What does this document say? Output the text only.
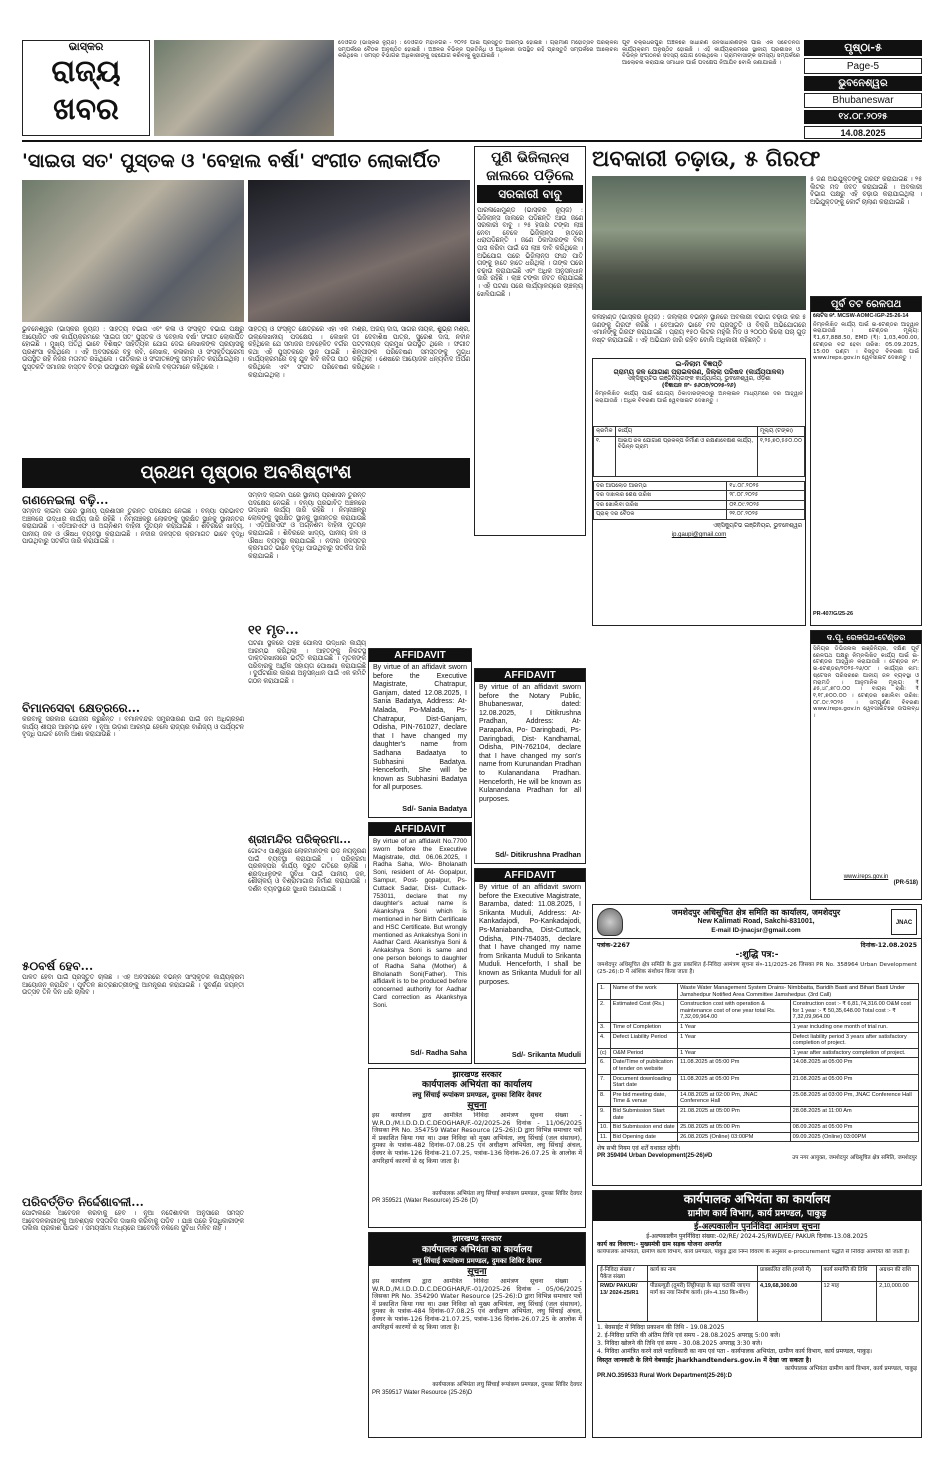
ଭାସ୍କର
ରାଜ୍ୟ
ଖବର
ଦେଓଗଡ (ଭାସ୍କର ନ୍ୟୁଜ) : ଦେଓଗଡ ମହାନଗର - ୨୦୨୫ ପାଇଁ ପ୍ରସ୍ତୁତି ଆରମ୍ଭ ହୋଇଛି । ଗ୍ରାମୀଣ ମହୋତ୍ସବ ପରିଚାଳନା ସମ୍ପର୍କରେ ବୈଠକ ଅନୁଷ୍ଠିତ ହୋଇଛି । ଅଞ୍ଚଳର ବିଭିନ୍ନ ପ୍ରତିନିଧି ଓ ଅଧିକାରୀ ଉପସ୍ଥିତ ରହି ପ୍ରସ୍ତୁତି ସମ୍ପର୍କରେ ଆଲୋଚନା କରିଥିଲେ । ସମସ୍ତ ବିଭାଗର ଅଧିକାରୀଙ୍କୁ ସହଯୋଗ କରିବାକୁ କୁହାଯାଇଛି ।
ପୂର୍ବ ଚକ୍ରଧରପୁର ଅଞ୍ଚଳରେ ସାଧାରଣ ଜନସାଧାରଣଙ୍କ ପାଇଁ ଏକ ସଚେତନତା କାର୍ଯ୍ୟକ୍ରମ ଅନୁଷ୍ଠିତ ହୋଇଛି । ଏହି କାର୍ଯ୍ୟକ୍ରମରେ ସ୍ଥାନୀୟ ପ୍ରଶାସନ ଓ ବିଭିନ୍ନ ସଂଗଠନର ସଦସ୍ୟ ଯୋଗ ଦେଇଥିଲେ । ଗ୍ରାମବାସୀଙ୍କ ସମସ୍ୟା ସମ୍ପର୍କରେ ଆଲୋଚନା କରାଯାଇ ସମାଧାନ ପାଇଁ ପଦକ୍ଷେପ ନିଆଯିବ ବୋଲି ଜଣାଯାଇଛି ।
ପୃଷ୍ଠା-୫
Page-5
ଭୁବନେଶ୍ୱର
Bhubaneswar
୧୪.୦୮.୨୦୨୫
14.08.2025
'ସାଇତା ସତ' ପୁସ୍ତକ ଓ 'ବେହାଲ ବର୍ଷା' ସଂଗୀତ ଲୋକାର୍ପିତ
ଭୁବନେଶ୍ୱର (ଭାସ୍କର ନ୍ୟୁଜ) : ସାହିତ୍ୟ ବିଭାଗ ଏବଂ କଳା ଓ ସଂସ୍କୃତି ବିଭାଗ ପକ୍ଷରୁ ଆୟୋଜିତ ଏକ କାର୍ଯ୍ୟକ୍ରମରେ 'ସାଇତା ସତ' ପୁସ୍ତକ ଓ 'ବେହାଲ ବର୍ଷା' ସଂଗୀତ ଲୋକାର୍ପିତ ହୋଇଛି । ମୁଖ୍ୟ ଅତିଥି ଭାବେ ବିଶିଷ୍ଟ ସାହିତ୍ୟିକ ଯୋଗ ଦେଇ ଲେଖକଙ୍କ ପ୍ରୟାସକୁ ପ୍ରଶଂସା କରିଥିଲେ । ଏହି ଅବସରରେ ବହୁ କବି, ଲେଖକ, କଳାକାର ଓ ସଂସ୍କୃତିପ୍ରେମୀ ଉପସ୍ଥିତ ରହି ନିଜର ମତାମତ ରଖିଥିଲେ । ଗୀତିକାର ଓ ସଂଗୀତଜ୍ଞଙ୍କୁ ସମ୍ମାନିତ କରାଯାଇଥିଲା । ପୁସ୍ତକଟି ସମାଜର ବାସ୍ତବ ଚିତ୍ର ଉପସ୍ଥାପନ କରୁଛି ବୋଲି ବକ୍ତାମାନେ କହିଥିଲେ ।
ସାହିତ୍ୟ ଓ ସଂସ୍କୃତି କ୍ଷେତ୍ରରେ ଏହା ଏକ ଉଲ୍ଲେଖନୀୟ ପଦକ୍ଷେପ । ଲେଖକ କହିଥିଲେ ଯେ ସମାଜର ଅବହେଳିତ ବର୍ଗର କଥା ଏହି ପୁସ୍ତକରେ ସ୍ଥାନ ପାଇଛି । କାର୍ଯ୍ୟକ୍ରମରେ ବହୁ ଯୁବ କବି କବିତା ପାଠ କରିଥିଲେ ଏବଂ ସଂଗୀତ ପରିବେଷଣ କରାଯାଇଥିଲା ।
ମିଶ୍ର, ଅଜୟ ଦାସ, ସାଗର ନାୟକ, ଶୁଭ୍ରା ମିଶ୍ର, ଡଃ ଦେବାଶିଷ ପାତ୍ର, ସୁରେଶ ଦାସ, ନବୀନ ପଟ୍ଟନାୟକ ପ୍ରମୁଖ ଉପସ୍ଥିତ ଥିଲେ । ସଂଗୀତ ଶିଳ୍ପୀଙ୍କ ପରିବେଷଣ ସମସ୍ତଙ୍କୁ ମୁଗ୍ଧ କରିଥିଲା । ଶେଷରେ ଆୟୋଜକ ଧନ୍ୟବାଦ ଅର୍ପଣ କରିଥିଲେ ।
ପୁଣି ଭିଜିଲାନ୍ସ
ଜାଲରେ ପଡ଼ିଲେ
ସରକାରୀ ବାବୁ
ପାରଳାଖେମୁଣ୍ଡି (ଭାସ୍କର ନ୍ୟୁଜ) : ଭିଜିଲାନ୍ସ ଜାଲରେ ପଡ଼ିଛନ୍ତି ଆଉ ଜଣେ ସରକାରୀ ବାବୁ । ୨୫ ହଜାର ଟଙ୍କା ଲାଞ୍ଚ ନେବା ବେଳେ ଭିଜିଲାନ୍ସ ହାତରେ ଧରାପଡ଼ିଛନ୍ତି । ଜଣେ ଠିକାଦାରଙ୍କ ବିଲ ପାସ କରିବା ପାଇଁ ସେ ଲାଞ୍ଚ ଦାବି କରିଥିଲେ । ଅଭିଯୋଗ ପରେ ଭିଜିଲାନ୍ସ ଫାନ୍ଦ ପାତି ତାଙ୍କୁ ହାତେ ହାତେ ଧରିଥିଲା । ତାଙ୍କ ଘରେ ଚଢାଉ କରାଯାଇଛି ଏବଂ ଅଧିକ ଅନୁସନ୍ଧାନ ଜାରି ରହିଛି । ଲାଞ୍ଚ ଟଙ୍କା ଜବତ କରାଯାଇଛି । ଏହି ଘଟଣା ପରେ କାର୍ଯ୍ୟାଳୟରେ ଚାଞ୍ଚଲ୍ୟ ଖେଳିଯାଇଛି ।
ଅବକାରୀ ଚଢ଼ାଉ, ୫ ଗିରଫ
୫ ଜଣ ଅଭିଯୁକ୍ତଙ୍କୁ ଗିରଫ କରାଯାଇଛି । ୨୫ ଲିଟର ମଦ ଜବତ କରାଯାଇଛି । ଅବକାରୀ ବିଭାଗ ପକ୍ଷରୁ ଏହି ଚଢ଼ାଉ କରାଯାଇଥିଲା । ଅଭିଯୁକ୍ତଙ୍କୁ କୋର୍ଟ ଚାଲାଣ କରାଯାଇଛି ।
କଳାହାଣ୍ଡି (ଭାସ୍କର ନ୍ୟୁଜ) : ଜିଲ୍ଲାର ବିଭିନ୍ନ ସ୍ଥାନରେ ଅବକାରୀ ବିଭାଗ ଚଢ଼ାଉ କରି ୫ ଜଣଙ୍କୁ ଗିରଫ କରିଛି । ବେଆଇନ ଭାବେ ମଦ ପ୍ରସ୍ତୁତି ଓ ବିକ୍ରି ଅଭିଯୋଗରେ ଏମାନଙ୍କୁ ଗିରଫ କରାଯାଇଛି । ପ୍ରାୟ ୧୫୦ ଲିଟର ମହୁଲି ମଦ ଓ ୨୦୦୦ କିଲୋ ପଚା ଗୁଡ଼ ନଷ୍ଟ କରାଯାଇଛି । ଏହି ଅଭିଯାନ ଜାରି ରହିବ ବୋଲି ଅଧିକାରୀ କହିଛନ୍ତି ।
ପୂର୍ବ ତଟ ରେଳପଥ
ନୋଟିସ ନଂ. MCSW-AOMC-IGP-25-26-14
ନିମ୍ନଲିଖିତ କାର୍ଯ୍ୟ ପାଇଁ ଇ-ଟେଣ୍ଡର ଆହ୍ୱାନ କରାଯାଉଛି । ଟେଣ୍ଡର ମୂଲ୍ୟ: ₹1,67,888.50, EMD (₹): 1,03,400.00, ଟେଣ୍ଡର ବନ୍ଦ ହେବା ତାରିଖ: 05.09.2025, 15:00 ଘଣ୍ଟା । ବିସ୍ତୃତ ବିବରଣୀ ପାଇଁ www.ireps.gov.in ୱେବସାଇଟ ଦେଖନ୍ତୁ ।
PR-407/G/25-26
ଇ-ନିଲାମ ବିଜ୍ଞପ୍ତି
ଗ୍ରାମ୍ୟ ଜଳ ଯୋଗାଣ ପ୍ରାଇକରଣ, ଜିଲ୍ଲା ପରିଷଦ (କାର୍ଯ୍ୟପାଳକ)
ଏକ୍ସିକ୍ୟୁଟିଭ ଇଞ୍ଜିନିୟରଙ୍କ କାର୍ଯ୍ୟାଳୟ, ଭୁବନେଶ୍ୱର, ଓଡ଼ିଶା
(ବିଜ୍ଞାପନ ନଂ- ୫୬୦୭/୨୦୨୫-୨୬)
ନିମ୍ନଲିଖିତ କାର୍ଯ୍ୟ ପାଇଁ ଯୋଗ୍ୟ ଠିକାଦାରଙ୍କଠାରୁ ଅନଲାଇନ ମାଧ୍ୟମରେ ଦର ଆହ୍ୱାନ କରାଯାଉଛି । ଅଧିକ ବିବରଣୀ ପାଇଁ ୱେବସାଇଟ ଦେଖନ୍ତୁ ।
କ୍ରମିକ	କାର୍ଯ୍ୟ	ମୂଲ୍ୟ (ଟଙ୍କା)
୧.	ପାଇପ ଜଳ ଯୋଗାଣ ପ୍ରକଳ୍ପ ନିର୍ମାଣ ଓ ରକ୍ଷଣାବେକ୍ଷଣ କାର୍ଯ୍ୟ, ବିଭିନ୍ନ ଗ୍ରାମ	୧,୨୫,୭୦,୫୫୦.୦୦
ଦର ଆପଲୋଡ ଆରମ୍ଭ	୧୪.୦୮.୨୦୨୫
ଦର ଦାଖଲର ଶେଷ ତାରିଖ	୨୮.୦୮.୨୦୨୫
ଦର ଖୋଲିବା ତାରିଖ	୦୧.୦୯.୨୦୨୫
ପ୍ରାକ୍ ଦର ବୈଠକ	୨୧.୦୮.୨୦୨୫
ଏକ୍ସିକ୍ୟୁଟିଭ ଇଞ୍ଜିନିୟର, ଭୁବନେଶ୍ୱର
ip.gaupi@gmail.com
ଦ.ପୂ. ରେଳପଥ-ଟେଣ୍ଡର
ସିନିୟର ଡିଭିଜନାଲ ଇଞ୍ଜିନିୟର, ଦକ୍ଷିଣ ପୂର୍ବ ରେଳପଥ ପକ୍ଷରୁ ନିମ୍ନଲିଖିତ କାର୍ଯ୍ୟ ପାଇଁ ଇ-ଟେଣ୍ଡର ଆହ୍ୱାନ କରାଯାଉଛି । ଟେଣ୍ଡର ନଂ: ଇ-ଟେଣ୍ଡର/୨୦୨୫-୨୬/୦୮ । କାର୍ଯ୍ୟର ନାମ: ଷ୍ଟେସନ ପରିସରରେ ପାନୀୟ ଜଳ ବ୍ୟବସ୍ଥା ଓ ମରାମତି । ଆନୁମାନିକ ମୂଲ୍ୟ: ₹ ୬୫,୪୮,୭୮୦.୦୦ । ବାୟନା ରାଶି: ₹ ୧,୧୮,୭୦୦.୦୦ । ଟେଣ୍ଡର ଖୋଲିବା ତାରିଖ: ୦୮.୦୯.୨୦୨୫ । ସମ୍ପୂର୍ଣ୍ଣ ବିବରଣୀ www.ireps.gov.in ୱେବସାଇଟରେ ଉପଲବ୍ଧ ।
www.ireps.gov.in
(PR-518)
ପ୍ରଥମ ପୃଷ୍ଠାର ଅବଶିଷ୍ଟାଂଶ
ଗଣନେଇଲା ବଢ଼ି...
ସମ୍ବାଦ ଲାଇବା ପରେ ସ୍ଥାନୀୟ ପ୍ରଶାସନ ତୁରନ୍ତ ପଦକ୍ଷେପ ନେଇଛି । ବନ୍ୟା ପ୍ରଭାବିତ ଅଞ୍ଚଳରେ ଉଦ୍ଧାର କାର୍ଯ୍ୟ ଜାରି ରହିଛି । ନିମ୍ନାଞ୍ଚଳରୁ ଲୋକଙ୍କୁ ସୁରକ୍ଷିତ ସ୍ଥାନକୁ ସ୍ଥାନାନ୍ତର କରାଯାଉଛି । ଏଡ଼ିଆରଏଫ ଓ ଅଗ୍ନିଶମ ବାହିନୀ ମୁତୟନ କରାଯାଇଛି । ଶିବିରରେ ଖାଦ୍ୟ, ପାନୀୟ ଜଳ ଓ ଔଷଧ ବ୍ୟବସ୍ଥା କରାଯାଇଛି । ନଦୀର ଜଳସ୍ତର କ୍ରମାଗତ ଭାବେ ବୃଦ୍ଧି ପାଉଥିବାରୁ ସତର୍କତା ଜାରି କରାଯାଇଛି ।
ବିମାନସେବା କ୍ଷେତ୍ରରେ...
କରିବାକୁ ସରକାର ଯୋଜନା କରୁଛନ୍ତି । ବିମାନବନ୍ଦର ସମ୍ପ୍ରସାରଣ ପାଇଁ ଜମି ଅଧିଗ୍ରହଣ କାର୍ଯ୍ୟ ଶୀଘ୍ର ଆରମ୍ଭ ହେବ । ନୂଆ ଉଡ଼ାଣ ଆରମ୍ଭ ହେଲେ ରାଜ୍ୟର ବାଣିଜ୍ୟ ଓ ପର୍ଯ୍ୟଟନ ବୃଦ୍ଧି ପାଇବ ବୋଲି ଆଶା କରାଯାଉଛି ।
୫୦ବର୍ଷ ହେବ...
ପାଳିତ ହେବା ପାଇଁ ପ୍ରସ୍ତୁତି ଚାଲିଛି । ଏହି ଅବସରରେ ବିଭିନ୍ନ ସାଂସ୍କୃତିକ କାର୍ଯ୍ୟକ୍ରମ ଆୟୋଜନ କରାଯିବ । ପୂର୍ବତନ ଛାତ୍ରଛାତ୍ରୀଙ୍କୁ ଆମନ୍ତ୍ରଣ କରାଯାଇଛି । ସୁବର୍ଣ୍ଣ ଜୟନ୍ତୀ ଉତ୍ସବ ତିନି ଦିନ ଧରି ଚାଲିବ ।
ପରିବର୍ତ୍ତିତ ନିର୍ଦ୍ଦେଶାବଳୀ...
ପୋର୍ଟାଲରେ ଆବେଦନ କରିବାକୁ ହେବ । ନୂଆ ନିର୍ଦ୍ଦେଶାବଳୀ ଅନୁସାରେ ସମସ୍ତ ଆବେଦନକାରୀଙ୍କୁ ଆବଶ୍ୟକ ଦସ୍ତାବିଜ ଦାଖଲ କରିବାକୁ ପଡ଼ିବ । ଯାଞ୍ଚ ପରେ ହିତାଧିକାରୀଙ୍କ ତାଲିକା ପ୍ରକାଶ ପାଇବ । ସମୟସୀମା ମଧ୍ୟରେ ଆବେଦନ ନକଲେ ସୁବିଧା ମିଳିବ ନାହିଁ ।
ସମ୍ବାଦ ଲାଇବା ପରେ ସ୍ଥାନୀୟ ପ୍ରଶାସନ ତୁରନ୍ତ ପଦକ୍ଷେପ ନେଇଛି । ବନ୍ୟା ପ୍ରଭାବିତ ଅଞ୍ଚଳରେ ଉଦ୍ଧାର କାର୍ଯ୍ୟ ଜାରି ରହିଛି । ନିମ୍ନାଞ୍ଚଳରୁ ଲୋକଙ୍କୁ ସୁରକ୍ଷିତ ସ୍ଥାନକୁ ସ୍ଥାନାନ୍ତର କରାଯାଉଛି । ଏଡ଼ିଆରଏଫ ଓ ଅଗ୍ନିଶମ ବାହିନୀ ମୁତୟନ କରାଯାଇଛି । ଶିବିରରେ ଖାଦ୍ୟ, ପାନୀୟ ଜଳ ଓ ଔଷଧ ବ୍ୟବସ୍ଥା କରାଯାଇଛି । ନଦୀର ଜଳସ୍ତର କ୍ରମାଗତ ଭାବେ ବୃଦ୍ଧି ପାଉଥିବାରୁ ସତର୍କତା ଜାରି କରାଯାଇଛି ।
୧୧ ମୃତ...
ଘଟଣା ସ୍ଥଳରେ ପହଞ୍ଚି ପୋଲିସ ଉଦ୍ଧାର କାର୍ଯ୍ୟ ଆରମ୍ଭ କରିଥିଲା । ଆହତଙ୍କୁ ନିକଟସ୍ଥ ଡାକ୍ତରଖାନାରେ ଭର୍ତ୍ତି କରାଯାଇଛି । ମୃତକଙ୍କ ପରିବାରକୁ ଆର୍ଥିକ ସହାୟତା ଘୋଷଣା କରାଯାଇଛି । ଦୁର୍ଘଟଣାର କାରଣ ଅନୁସନ୍ଧାନ ପାଇଁ ଏକ କମିଟି ଗଠନ କରାଯାଇଛି ।
ଶ୍ରୀମନ୍ଦିର ପରିକ୍ରମା...
ଗୋଟିଏ ପାର୍ଶ୍ୱରେ ଲୋକମାନଙ୍କ ଭିଡ଼ ନିୟନ୍ତ୍ରଣ ପାଇଁ ବ୍ୟବସ୍ଥା କରାଯାଇଛି । ପରିକ୍ରମା ପ୍ରକଳ୍ପର କାର୍ଯ୍ୟ ଦ୍ରୁତ ଗତିରେ ଚାଲିଛି । ଶ୍ରଦ୍ଧାଳୁଙ୍କ ସୁବିଧା ପାଇଁ ପାନୀୟ ଜଳ, ଶୌଚାଳୟ ଓ ବିଶ୍ରାମାଗାର ନିର୍ମାଣ କରାଯାଉଛି । ଦର୍ଶନ ବ୍ୟବସ୍ଥାରେ ସୁଧାର ଅଣାଯାଇଛି ।
AFFIDAVIT
By virtue of an affidavit sworn before the Executive Magistrate, Chatrapur, Ganjam, dated 12.08.2025, I Sania Badatya, Address: At-Malada, Po-Malada, Ps-Chatrapur, Dist-Ganjam, Odisha, PIN-761027, declare that I have changed my daughter's name from Sadhana Badaatya to Subhasini Badatya. Henceforth, She will be known as Subhasini Badatya for all purposes.
Sd/- Sania Badatya
AFFIDAVIT
By virtue of an affidavit No.7700 sworn before the Executive Magistrate, dtd. 06.06.2025, I Radha Saha, W/o- Bholanath Soni, resident of At- Gopalpur, Sampur, Post- gopalpur, Ps-Cuttack Sadar, Dist- Cuttack-753011, declare that my daughter's actual name is Akankshya Soni which is mentioned in her Birth Certificate and HSC Certificate. But wrongly mentioned as Ankakshya Soni in Aadhar Card. Akankshya Soni & Ankakshya Soni is same and one person belongs to daughter of Radha Saha (Mother) & Bholanath Soni(Father). This affidavit is to be produced before concerned authority for Aadhar Card correction as Akankshya Soni.
Sd/- Radha Saha
AFFIDAVIT
By virtue of an affidavit sworn before the Notary Public, Bhubaneswar, dated: 12.08.2025, I Ditikrushna Pradhan, Address: At- Paraparka, Po- Daringbadi, Ps- Daringbadi, Dist- Kandhamal, Odisha, PIN-762104, declare that I have changed my son's name from Kurunandan Pradhan to Kulanandana Pradhan. Henceforth, He will be known as Kulanandana Pradhan for all purposes.
Sd/- Ditikrushna Pradhan
AFFIDAVIT
By virtue of an affidavit sworn before the Executive Magistrate, Baramba, dated: 11.08.2025, I Srikanta Muduli, Address: At-Kankadajodi, Po-Kankadajodi, Ps-Maniabandha, Dist-Cuttack, Odisha, PIN-754035, declare that I have changed my name from Srikanta Muduli to Srikanta Muduli. Henceforth, I shall be known as Srikanta Muduli for all purposes.
Sd/- Srikanta Muduli
जमशेदपुर अधिसूचित क्षेत्र समिति का कार्यालय, जमशेदपुर
New Kalimati Road, Sakchi-831001,
E-mail ID-jnacjsr@gmail.com
JNAC
पत्रांक-2267	दिनांक-12.08.2025
-:शुद्धि पत्र:-
जमशेदपुर अधिसूचित क्षेत्र समिति के द्वारा प्रकाशित ई-निविदा आमंत्रण सूचना सं०-11/2025-26 जिसका PR No. 358964 Urban Development (25-26):D में आंशिक संशोधन किया जाता है।
1.	Name of the work	Waste Water Management System Drains- Nimbbatta, Baridih Basti and Bihari Basti Under Jamshedpur Notified Area Committee Jamshedpur. (3rd Call)	
2.	Estimated Cost (Rs.)	Construction cost with operation & maintenance cost of one year total Rs. 7,32,09,964.00	Construction cost :- ₹ 6,81,74,316.00 O&M cost for 1 year :- ₹ 50,35,648.00 Total cost :- ₹ 7,32,09,964.00
3.	Time of Completion	1 Year	1 year including one month of trial run.
4.	Defect Liability Period	1 Year	Defect liability period 3 years after satisfactory completion of project.
(c)	O&M Period	1 Year	1 year after satisfactory completion of project.
6.	Date/Time of publication of tender on website	11.08.2025 at 05:00 Pm	14.08.2025 at 05:00 Pm
7.	Document downloading Start date	11.08.2025 at 05:00 Pm	21.08.2025 at 05:00 Pm
8.	Pre bid meeting date, Time & venue	14.08.2025 at 02:00 Pm, JNAC Conference Hall	25.08.2025 at 03:00 Pm, JNAC Conference Hall
9.	Bid Submission Start date	21.08.2025 at 05:00 Pm	28.08.2025 at 11:00 Am
10.	Bid Submission end date	25.08.2025 at 05:00 Pm	08.09.2025 at 05:00 Pm
11.	Bid Opening date	26.08.2025 (Online) 03:00PM	09.09.2025 (Online) 03:00PM
शेष सभी नियम एवं शर्तें यथावत रहेंगी।
PR 359494 Urban Development(25-26)#D	उप नगर आयुक्त, जमशेदपुर अधिसूचित क्षेत्र समिति, जमशेदपुर
झारखण्ड सरकार
कार्यपालक अभियंता का कार्यालय
लघु सिंचाई रूपांकण प्रमण्डल, दुमका शिविर देवघर
सूचना
इस कार्यालय द्वारा आमंत्रित निविदा आमंत्रण सूचना संख्या - W.R.D./M.I.D.D.D.C.DEOGHAR/F.-02/2025-26 दिनांक - 11/06/2025 जिसका PR No. 354759 Water Resource (25-26):D द्वारा विभिन्न समाचार पत्रों में प्रकाशित किया गया था। उक्त निविदा को मुख्य अभियंता, लघु सिंचाई (जल संसाधन), दुमका के पत्रांक-482 दिनांक-07.08.25 एवं अधीक्षण अभियंता, लघु सिंचाई अंचल, देवघर के पत्रांक-126 दिनांक-21.07.25, पत्रांक-136 दिनांक-26.07.25 के आलोक में अपरिहार्य कारणों से रद्द किया जाता है।
कार्यपालक अभियंता लघु सिंचाई रूपांकण प्रमण्डल, दुमका शिविर देवघर
PR 359521 (Water Resource) 25-26 (D)
झारखण्ड सरकार
कार्यपालक अभियंता का कार्यालय
लघु सिंचाई रूपांकण प्रमण्डल, दुमका शिविर देवघर
सूचना
इस कार्यालय द्वारा आमंत्रित निविदा आमंत्रण सूचना संख्या - W.R.D./M.I.D.D.D.C.DEOGHAR/F.-01/2025-26 दिनांक - 05/06/2025 जिसका PR No. 354290 Water Resource (25-26):D द्वारा विभिन्न समाचार पत्रों में प्रकाशित किया गया था। उक्त निविदा को मुख्य अभियंता, लघु सिंचाई (जल संसाधन), दुमका के पत्रांक-484 दिनांक-07.08.25 एवं अधीक्षण अभियंता, लघु सिंचाई अंचल, देवघर के पत्रांक-126 दिनांक-21.07.25, पत्रांक-136 दिनांक-26.07.25 के आलोक में अपरिहार्य कारणों से रद्द किया जाता है।
कार्यपालक अभियंता लघु सिंचाई रूपांकण प्रमण्डल, दुमका शिविर देवघर
PR 359517 Water Resource (25-26)D
कार्यपालक अभियंता का कार्यालय
ग्रामीण कार्य विभाग, कार्य प्रमण्डल, पाकुड़
ई-अल्पकालीन पुनर्निविदा आमंत्रण सूचना
ई-अल्पकालीन पुनर्निविदा संख्या:-02/RE/ 2024-25/RWD/EE/ PAKUR दिनांक-13.08.2025
कार्य का विवरण:- मुख्यमंत्री ग्राम सड़क योजना अन्तर्गत
कार्यपालक अभियंता, ग्रामीण कार्य विभाग, कार्य प्रमण्डल, पाकुड़ द्वारा निम्न विवरण के अनुसार e-procurement पद्धति से निविदा आमंत्रित की जाती है।
ई-निविदा संख्या / पैकेज संख्या	कार्य का नाम	प्राक्कलित राशि (रुपये में)	कार्य समाप्ति की तिथि	अग्रधन की राशि
RWD/ PAKUR/ 13/ 2024-25/R1	पीडब्ल्यूडी (दुमरी) लिट्टीपाड़ा के बड़ा चटाकी जाएगा मार्ग का नया निर्माण कार्य। (लं०-4.150 कि०मी०)	4,19,68,300.00	12 माह	2,10,000.00
1. बेवसाईट में निविदा प्रकाशन की तिथि - 19.08.2025
2. ई-निविदा प्राप्ति की अंतिम तिथि एवं समय - 28.08.2025 अपराह्न 5:00 बजे।
3. निविदा खोलने की तिथि एवं समय - 30.08.2025 अपराह्न 3:30 बजे।
4. निविदा आमंत्रित करने वाले पदाधिकारी का नाम एवं पता - कार्यपालक अभियंता, ग्रामीण कार्य विभाग, कार्य प्रमण्डल, पाकुड़।
विस्तृत जानकारी के लिये वेबसाईट jharkhandtenders.gov.in में देखा जा सकता है।
कार्यपालक अभियंता ग्रामीण कार्य विभाग, कार्य प्रमण्डल, पाकुड़
PR.NO.359533 Rural Work Department(25-26):D
